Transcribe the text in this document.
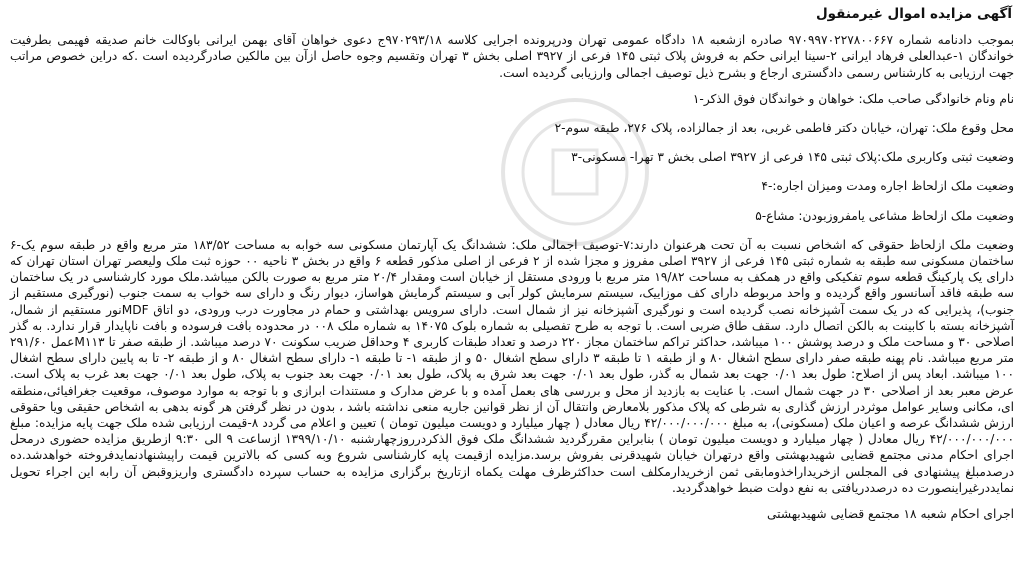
آگهی مزایده اموال غیرمنقول
بموجب دادنامه شماره ۹۷۰۹۹۷۰۲۲۷۸۰۰۶۶۷ صادره ازشعبه ۱۸ دادگاه عمومی تهران ودرپرونده اجرایی کلاسه ۹۷۰۲۹۳/۱۸ج دعوی خواهان آقای بهمن ایرانی باوکالت خانم صدیقه فهیمی بطرفیت خواندگان ۱-عبدالعلی فرهاد ایرانی ۲-سینا ایرانی حکم به فروش پلاک ثبتی ۱۴۵ فرعی از ۳۹۲۷ اصلی بخش ۳ تهران وتقسیم وجوه حاصل ازآن بین مالکین صادرگردیده است .که دراین خصوص مراتب جهت ارزیابی به کارشناس رسمی دادگستری ارجاع و بشرح ذیل توصیف اجمالی وارزیابی گردیده است.
نام ونام خانوادگی صاحب ملک: خواهان و خواندگان فوق الذکر-۱
محل وقوع ملک: تهران، خیابان دکتر فاطمی غربی، بعد از جمالزاده، پلاک ۲۷۶، طبقه سوم-۲
وضعیت ثبتی وکاربری ملک:پلاک ثبتی ۱۴۵ فرعی از ۳۹۲۷ اصلی بخش ۳ تهرا- مسکونی-۳
وضعیت ملک ازلحاظ اجاره ومدت ومیزان اجاره:-۴
وضعیت ملک ازلحاظ مشاعی یامفروزبودن: مشاع-۵
وضعیت ملک ازلحاظ حقوقی که اشخاص نسبت به آن تحت هرعنوان دارند:۷-توصیف اجمالی ملک: ششدانگ یک آپارتمان مسکونی سه خوابه به مساحت ۱۸۳/۵۲ متر مربع واقع در طبقه سوم یک-۶ ساختمان مسکونی سه طبقه به شماره ثبتی ۱۴۵ فرعی از ۳۹۲۷ اصلی مفروز و مجزا شده از ۲ فرعی از اصلی مذکور قطعه ۶ واقع در بخش ۳ ناحیه ۰۰ حوزه ثبت ملک ولیعصر تهران استان تهران که دارای یک پارکینگ قطعه سوم تفکیکی واقع در همکف به مساحت ۱۹/۸۲ متر مربع با ورودی مستقل از خیابان است ومقدار ۲۰/۴ متر مربع به صورت بالکن میباشد.ملک مورد کارشناسی در یک ساختمان سه طبقه فاقد آسانسور واقع گردیده و واحد مربوطه دارای کف موزاییک، سیستم سرمایش کولر آبی و سیستم گرمایش هواساز، دیوار رنگ و دارای سه خواب به سمت جنوب (نورگیری مستقیم از جنوب)، پذیرایی که در یک سمت آشپزخانه نصب گردیده است و نورگیری آشپزخانه نیز از شمال است. دارای سرویس بهداشتی و حمام در مجاورت درب ورودی، دو اتاق MDFنور مستقیم از شمال، آشپزخانه بسته با کابینت به بالکن اتصال دارد. سقف طاق ضربی است. با توجه به طرح تفصیلی به شماره بلوک ۱۴۰۷۵ به شماره ملک ۰۰۸ در محدوده بافت فرسوده و بافت ناپایدار قرار ندارد. به گذر اصلاحی ۳۰ و مساحت ملک و درصد پوشش ۱۰۰ میباشد، حداکثر تراکم ساختمان مجاز ۲۲۰ درصد و تعداد طبقات کاربری ۴ وحداقل ضریب سکونت ۷۰ درصد میباشد. از طبقه صفر تا M۱۱۳عمل ۲۹۱/۶۰ متر مربع میباشد. نام پهنه طبقه صفر دارای سطح اشغال ۸۰ و از طبقه ۱ تا طبقه ۳ دارای سطح اشغال ۵۰ و از طبقه ۱- تا طبقه ۱- دارای سطح اشغال ۸۰ و از طبقه ۲- تا به پایین دارای سطح اشغال ۱۰۰ میباشد. ابعاد پس از اصلاح: طول بعد ۰/۰۱ جهت بعد شمال به گذر، طول بعد ۰/۰۱ جهت بعد شرق به پلاک، طول بعد ۰/۰۱ جهت بعد جنوب به پلاک، طول بعد ۰/۰۱ جهت بعد غرب به پلاک است. عرض معبر بعد از اصلاحی ۳۰ در جهت شمال است. با عنایت به بازدید از محل و بررسی های بعمل آمده و با عرض مدارک و مستندات ابرازی و با توجه به موارد موصوف، موقعیت جغرافیائی،منطقه ای، مکانی وسایر عوامل موثردر ارزش گذاری به شرطی که پلاک مذکور بلامعارض وانتقال آن از نظر قوانین جاریه منعی نداشته باشد ، بدون در نظر گرفتن هر گونه بدهی به اشخاص حقیقی ویا حقوقی ارزش ششدانگ عرصه و اعیان ملک (مسکونی)، به مبلغ ۴۲/۰۰۰/۰۰۰/۰۰۰ ریال معادل ( چهار میلیارد و دویست میلیون تومان ) تعیین و اعلام می گردد ۸-قیمت ارزیابی شده ملک جهت پایه مزایده: مبلغ ۴۲/۰۰۰/۰۰۰/۰۰۰ ریال معادل ( چهار میلیارد و دویست میلیون تومان ) بنابراین مقررگردید ششدانگ ملک فوق الذکردرروزچهارشنبه ۱۳۹۹/۱۰/۱۰ ازساعت ۹ الی ۹:۳۰ ازطریق مزایده حضوری درمحل اجرای احکام مدنی مجتمع قضایی شهیدبهشتی واقع درتهران خیابان شهیدقرنی بفروش برسد.مزایده ازقیمت پایه کارشناسی شروع وبه کسی که بالاترین قیمت راپیشنهادنمایدفروخته خواهدشد.ده درصدمبلغ پیشنهادی فی المجلس ازخریداراخذومابقی ثمن ازخریدارمکلف است حداکثرظرف مهلت یکماه ازتاریخ برگزاری مزایده به حساب سپرده دادگستری واریزوقبض آن رابه این اجراء تحویل نمایددرغیراینصورت ده درصددریافتی به نفع دولت ضبط خواهدگردید.
اجرای احکام شعبه ۱۸ مجتمع قضایی شهیدبهشتی
